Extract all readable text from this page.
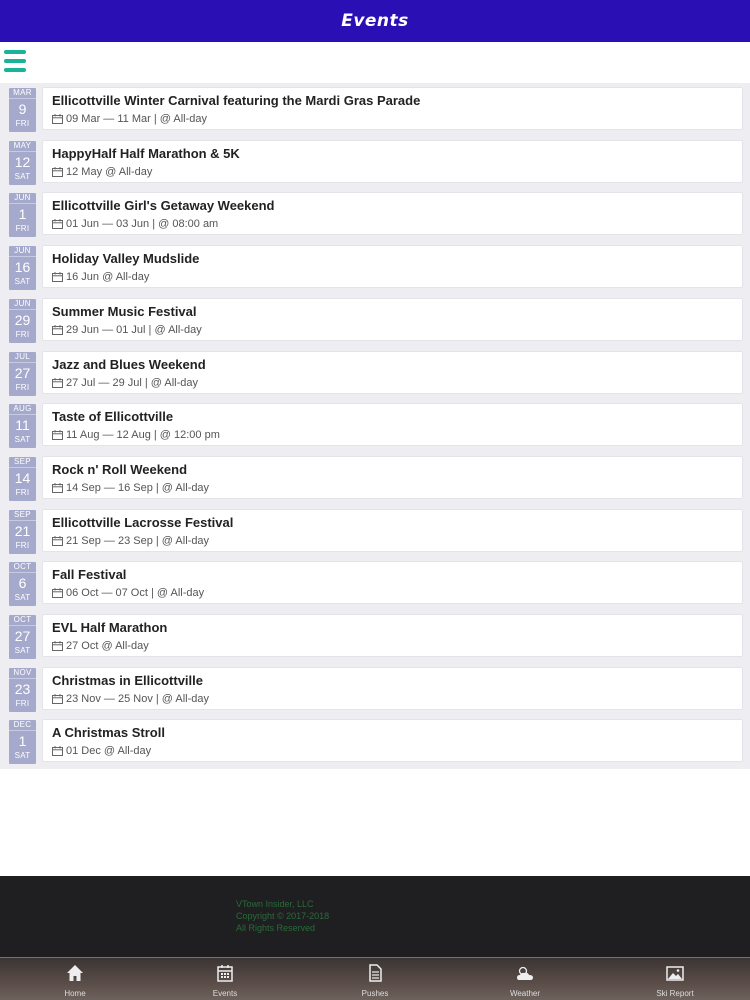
Events
MAR
9
FRI
Ellicottville Winter Carnival featuring the Mardi Gras Parade
09 Mar — 11 Mar | @ All-day
MAY
12
SAT
HappyHalf Half Marathon & 5K
12 May @ All-day
JUN
1
FRI
Ellicottville Girl's Getaway Weekend
01 Jun — 03 Jun | @ 08:00 am
JUN
16
SAT
Holiday Valley Mudslide
16 Jun @ All-day
JUN
29
FRI
Summer Music Festival
29 Jun — 01 Jul | @ All-day
JUL
27
FRI
Jazz and Blues Weekend
27 Jul — 29 Jul | @ All-day
AUG
11
SAT
Taste of Ellicottville
11 Aug — 12 Aug | @ 12:00 pm
SEP
14
FRI
Rock n' Roll Weekend
14 Sep — 16 Sep | @ All-day
SEP
21
FRI
Ellicottville Lacrosse Festival
21 Sep — 23 Sep | @ All-day
OCT
6
SAT
Fall Festival
06 Oct — 07 Oct | @ All-day
OCT
27
SAT
EVL Half Marathon
27 Oct @ All-day
NOV
23
FRI
Christmas in Ellicottville
23 Nov — 25 Nov | @ All-day
DEC
1
SAT
A Christmas Stroll
01 Dec @ All-day
VTown Insider, LLC
Copyright © 2017-2018
All Rights Reserved
Home	Events	Pushes	Weather	Ski Report
